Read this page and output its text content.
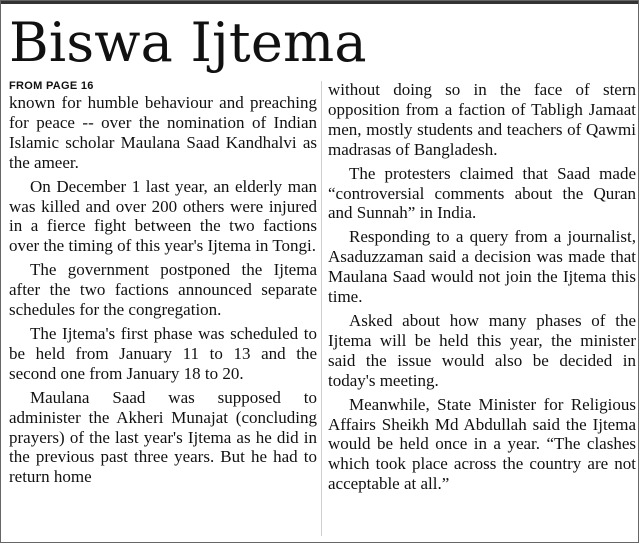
Biswa Ijtema
FROM PAGE 16

known for humble behaviour and preaching for peace -- over the nomination of Indian Islamic scholar Maulana Saad Kandhalvi as the ameer.

On December 1 last year, an elderly man was killed and over 200 others were injured in a fierce fight between the two factions over the timing of this year's Ijtema in Tongi.

The government postponed the Ijtema after the two factions announced separate schedules for the congregation.

The Ijtema's first phase was scheduled to be held from January 11 to 13 and the second one from January 18 to 20.

Maulana Saad was supposed to administer the Akheri Munajat (concluding prayers) of the last year's Ijtema as he did in the previous past three years. But he had to return home

without doing so in the face of stern opposition from a faction of Tabligh Jamaat men, mostly students and teachers of Qawmi madrasas of Bangladesh.

The protesters claimed that Saad made “controversial comments about the Quran and Sunnah” in India.

Responding to a query from a journalist, Asaduzzaman said a decision was made that Maulana Saad would not join the Ijtema this time.

Asked about how many phases of the Ijtema will be held this year, the minister said the issue would also be decided in today's meeting.

Meanwhile, State Minister for Religious Affairs Sheikh Md Abdullah said the Ijtema would be held once in a year. “The clashes which took place across the country are not acceptable at all.”
